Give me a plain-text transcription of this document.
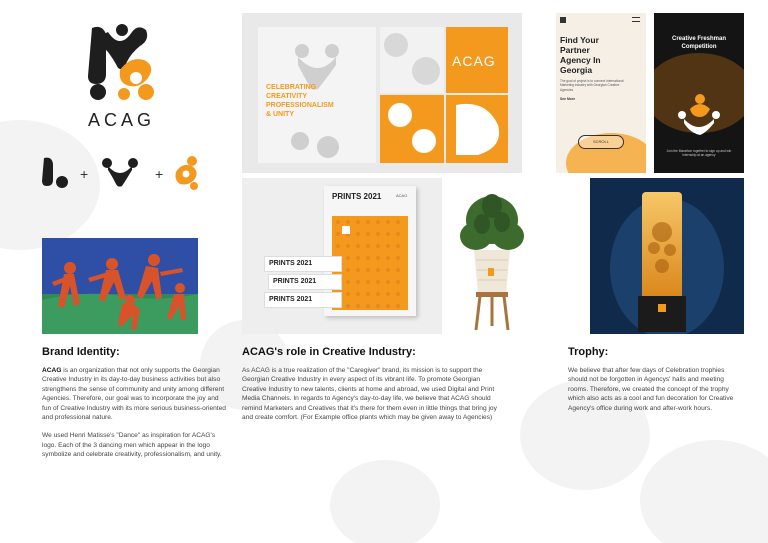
ACAG
+	+
CELEBRATING
CREATIVITY
PROFESSIONALISM
& UNITY
ACAG
PRINTS 2021	ACAG
PRINTS 2021
PRINTS 2021
PRINTS 2021
Find Your
Partner
Agency In
Georgia
The goal of project is to connect International Marketing industry with Georgian Creative Agencies
See More
SCROLL
Creative Freshman
Competition
Join the Marathon together to sign up and win internship at an agency
Brand Identity:

ACAG is an organization that not only supports the Georgian Creative Industry in its day-to-day business activities but also strengthens the sense of community and unity among different Agencies. Therefore, our goal was to incorporate the joy and fun of Creative Industry with its more serious business-oriented and professional nature.

We used Henri Matisse's "Dance" as inspiration for ACAG's logo. Each of the 3 dancing men which appear in the logo symbolize and celebrate creativity, professionalism, and unity.

ACAG's role in Creative Industry:

As ACAG is a true realization of the "Caregiver" brand, its mission is to support the Georgian Creative Industry in every aspect of its vibrant life. To promote Georgian Creative Industry to new talents, clients at home and abroad, we used Digital and Print Media Channels. In regards to Agency's day-to-day life, we believe that ACAG should remind Marketers and Creatives that it's there for them even in little things that bring joy and create comfort. (For Example office plants which may be given away to Agencies)

Trophy:

We believe that after few days of Celebration trophies should not be forgotten in Agencys' halls and meeting rooms. Therefore, we created the concept of the trophy which also acts as a cool and fun decoration for Creative Agency's office during work and after-work hours.
